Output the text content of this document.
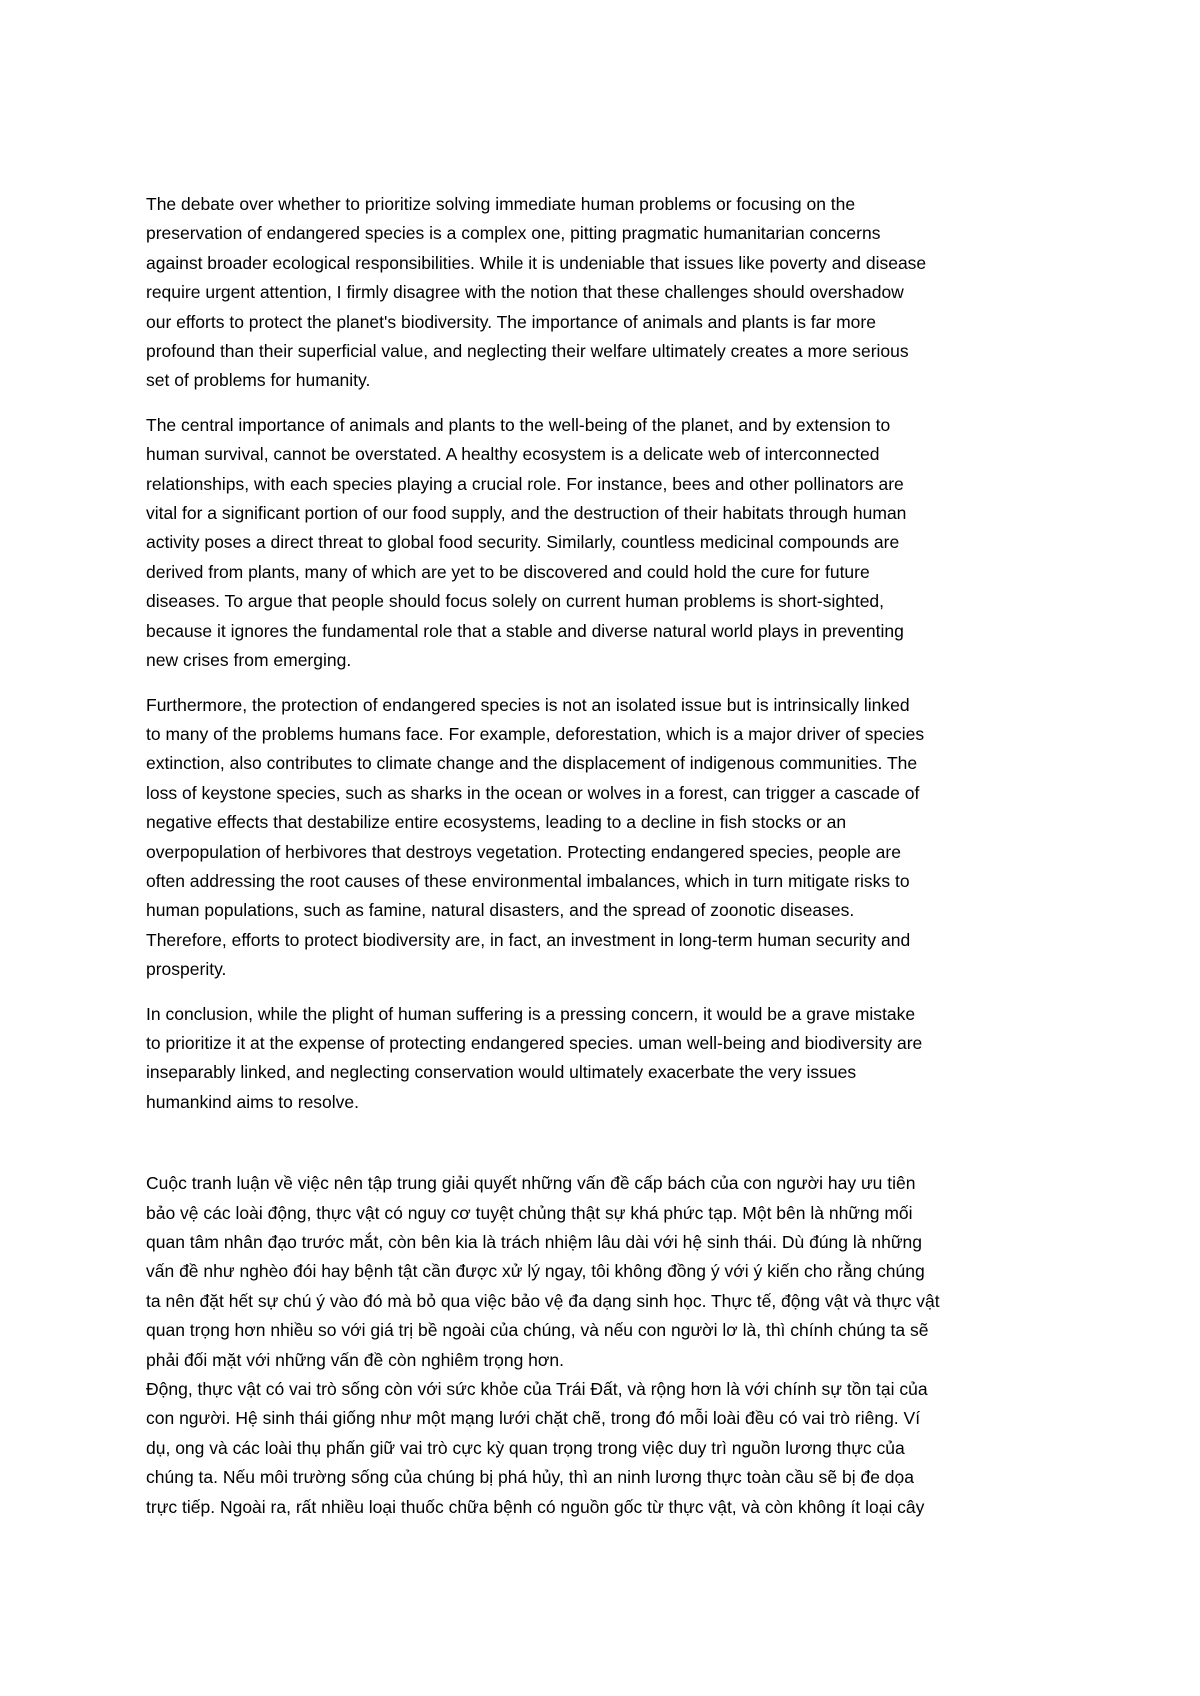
The debate over whether to prioritize solving immediate human problems or focusing on the
preservation of endangered species is a complex one, pitting pragmatic humanitarian concerns
against broader ecological responsibilities. While it is undeniable that issues like poverty and disease
require urgent attention, I firmly disagree with the notion that these challenges should overshadow
our efforts to protect the planet's biodiversity. The importance of animals and plants is far more
profound than their superficial value, and neglecting their welfare ultimately creates a more serious
set of problems for humanity.

The central importance of animals and plants to the well-being of the planet, and by extension to
human survival, cannot be overstated. A healthy ecosystem is a delicate web of interconnected
relationships, with each species playing a crucial role. For instance, bees and other pollinators are
vital for a significant portion of our food supply, and the destruction of their habitats through human
activity poses a direct threat to global food security. Similarly, countless medicinal compounds are
derived from plants, many of which are yet to be discovered and could hold the cure for future
diseases. To argue that people should focus solely on current human problems is short-sighted,
because it ignores the fundamental role that a stable and diverse natural world plays in preventing
new crises from emerging.

Furthermore, the protection of endangered species is not an isolated issue but is intrinsically linked
to many of the problems humans face. For example, deforestation, which is a major driver of species
extinction, also contributes to climate change and the displacement of indigenous communities. The
loss of keystone species, such as sharks in the ocean or wolves in a forest, can trigger a cascade of
negative effects that destabilize entire ecosystems, leading to a decline in fish stocks or an
overpopulation of herbivores that destroys vegetation. Protecting endangered species, people are
often addressing the root causes of these environmental imbalances, which in turn mitigate risks to
human populations, such as famine, natural disasters, and the spread of zoonotic diseases.
Therefore, efforts to protect biodiversity are, in fact, an investment in long-term human security and
prosperity.

In conclusion, while the plight of human suffering is a pressing concern, it would be a grave mistake
to prioritize it at the expense of protecting endangered species. uman well-being and biodiversity are
inseparably linked, and neglecting conservation would ultimately exacerbate the very issues
humankind aims to resolve.

Cuộc tranh luận về việc nên tập trung giải quyết những vấn đề cấp bách của con người hay ưu tiên
bảo vệ các loài động, thực vật có nguy cơ tuyệt chủng thật sự khá phức tạp. Một bên là những mối
quan tâm nhân đạo trước mắt, còn bên kia là trách nhiệm lâu dài với hệ sinh thái. Dù đúng là những
vấn đề như nghèo đói hay bệnh tật cần được xử lý ngay, tôi không đồng ý với ý kiến cho rằng chúng
ta nên đặt hết sự chú ý vào đó mà bỏ qua việc bảo vệ đa dạng sinh học. Thực tế, động vật và thực vật
quan trọng hơn nhiều so với giá trị bề ngoài của chúng, và nếu con người lơ là, thì chính chúng ta sẽ
phải đối mặt với những vấn đề còn nghiêm trọng hơn.

Động, thực vật có vai trò sống còn với sức khỏe của Trái Đất, và rộng hơn là với chính sự tồn tại của
con người. Hệ sinh thái giống như một mạng lưới chặt chẽ, trong đó mỗi loài đều có vai trò riêng. Ví
dụ, ong và các loài thụ phấn giữ vai trò cực kỳ quan trọng trong việc duy trì nguồn lương thực của
chúng ta. Nếu môi trường sống của chúng bị phá hủy, thì an ninh lương thực toàn cầu sẽ bị đe dọa
trực tiếp. Ngoài ra, rất nhiều loại thuốc chữa bệnh có nguồn gốc từ thực vật, và còn không ít loại cây
